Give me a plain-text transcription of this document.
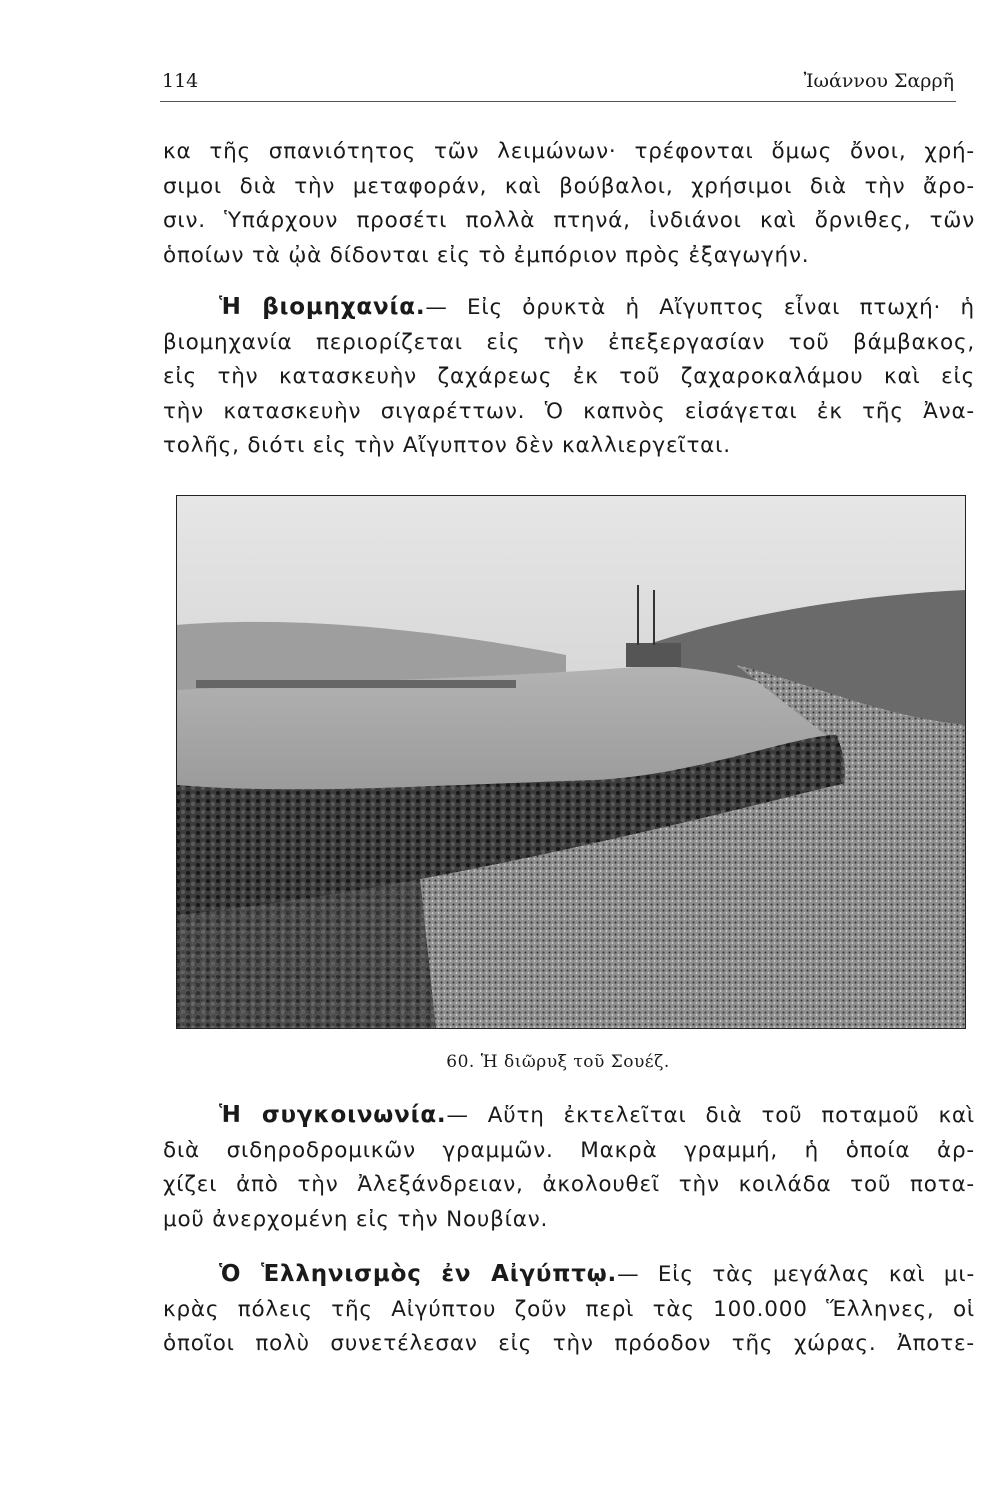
114	Ἰωάννου Σαρρῆ
κα τῆς σπανιότητος τῶν λειμώνων· τρέφονται ὅμως ὄνοι, χρή-
σιμοι διὰ τὴν μεταφοράν, καὶ βούβαλοι, χρήσιμοι διὰ τὴν ἄρο-
σιν. Ὑπάρχουν προσέτι πολλὰ πτηνά, ἰνδιάνοι καὶ ὄρνιθες, τῶν
ὁποίων τὰ ᾠὰ δίδονται εἰς τὸ ἐμπόριον πρὸς ἐξαγωγήν.
Ἡ βιομηχανία.— Εἰς ὀρυκτὰ ἡ Αἴγυπτος εἶναι πτωχή· ἡ
βιομηχανία περιορίζεται εἰς τὴν ἐπεξεργασίαν τοῦ βάμβακος,
εἰς τὴν κατασκευὴν ζαχάρεως ἐκ τοῦ ζαχαροκαλάμου καὶ εἰς
τὴν κατασκευὴν σιγαρέττων. Ὁ καπνὸς εἰσάγεται ἐκ τῆς Ἀνα-
τολῆς, διότι εἰς τὴν Αἴγυπτον δὲν καλλιεργεῖται.
60. Ἡ διῶρυξ τοῦ Σουέζ.
Ἡ συγκοινωνία.— Αὕτη ἐκτελεῖται διὰ τοῦ ποταμοῦ καὶ
διὰ σιδηροδρομικῶν γραμμῶν. Μακρὰ γραμμή, ἡ ὁποία ἀρ-
χίζει ἀπὸ τὴν Ἀλεξάνδρειαν, ἀκολουθεῖ τὴν κοιλάδα τοῦ ποτα-
μοῦ ἀνερχομένη εἰς τὴν Νουβίαν.
Ὁ Ἑλληνισμὸς ἐν Αἰγύπτῳ.— Εἰς τὰς μεγάλας καὶ μι-
κρὰς πόλεις τῆς Αἰγύπτου ζοῦν περὶ τὰς 100.000 Ἕλληνες, οἱ
ὁποῖοι πολὺ συνετέλεσαν εἰς τὴν πρόοδον τῆς χώρας. Ἀποτε-
